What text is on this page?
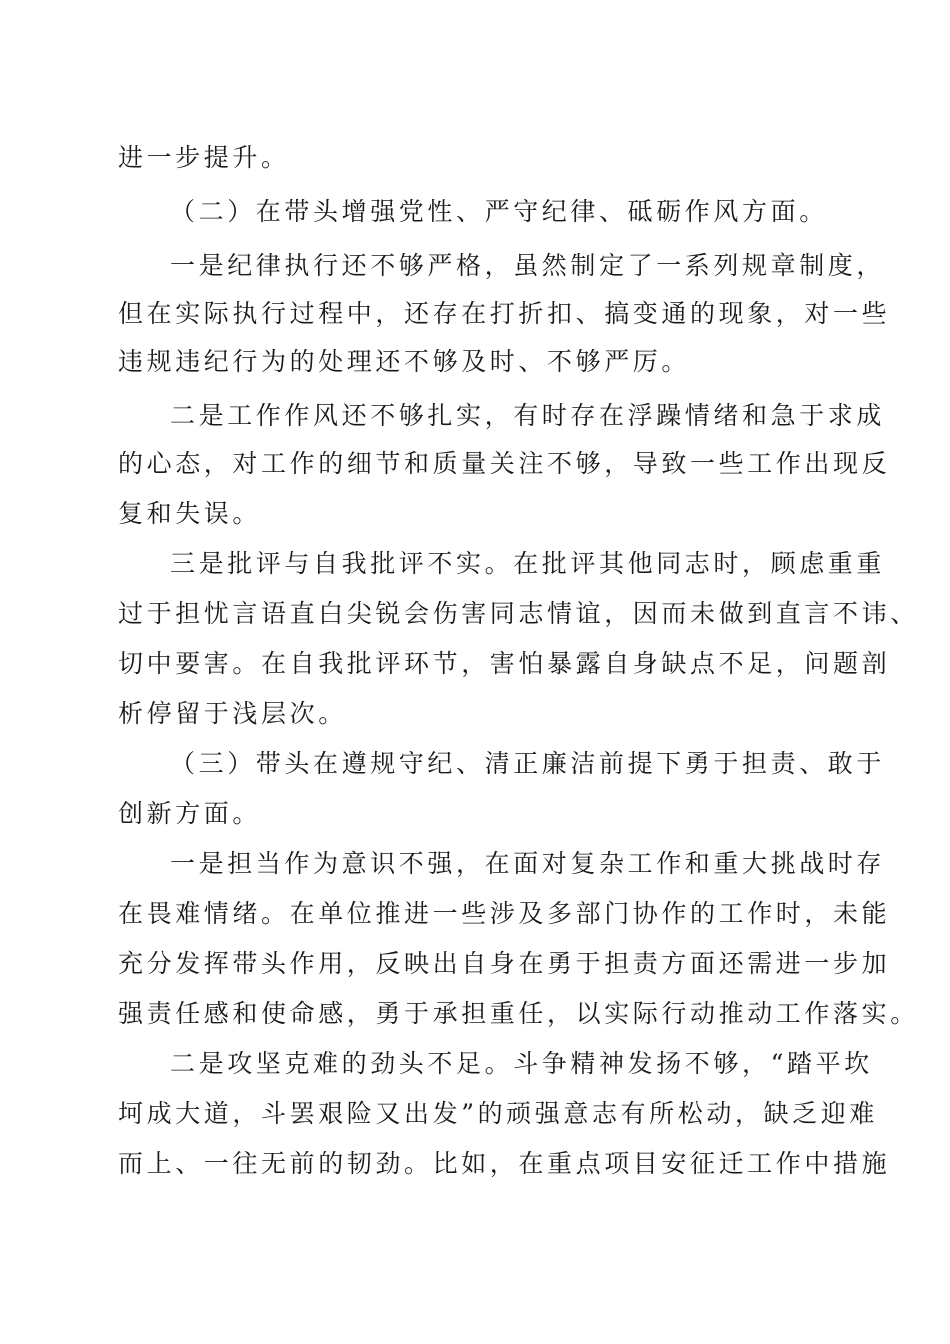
进一步提升。

（二）在带头增强党性、严守纪律、砥砺作风方面。

一是纪律执行还不够严格，虽然制定了一系列规章制度，

但在实际执行过程中，还存在打折扣、搞变通的现象，对一些

违规违纪行为的处理还不够及时、不够严厉。

二是工作作风还不够扎实，有时存在浮躁情绪和急于求成

的心态，对工作的细节和质量关注不够，导致一些工作出现反

复和失误。

三是批评与自我批评不实。在批评其他同志时，顾虑重重

过于担忧言语直白尖锐会伤害同志情谊，因而未做到直言不讳、

切中要害。在自我批评环节，害怕暴露自身缺点不足，问题剖

析停留于浅层次。

（三）带头在遵规守纪、清正廉洁前提下勇于担责、敢于

创新方面。

一是担当作为意识不强，在面对复杂工作和重大挑战时存

在畏难情绪。在单位推进一些涉及多部门协作的工作时，未能

充分发挥带头作用，反映出自身在勇于担责方面还需进一步加

强责任感和使命感，勇于承担重任，以实际行动推动工作落实。

二是攻坚克难的劲头不足。斗争精神发扬不够，“踏平坎

坷成大道，斗罢艰险又出发”的顽强意志有所松动，缺乏迎难

而上、一往无前的韧劲。比如，在重点项目安征迁工作中措施
